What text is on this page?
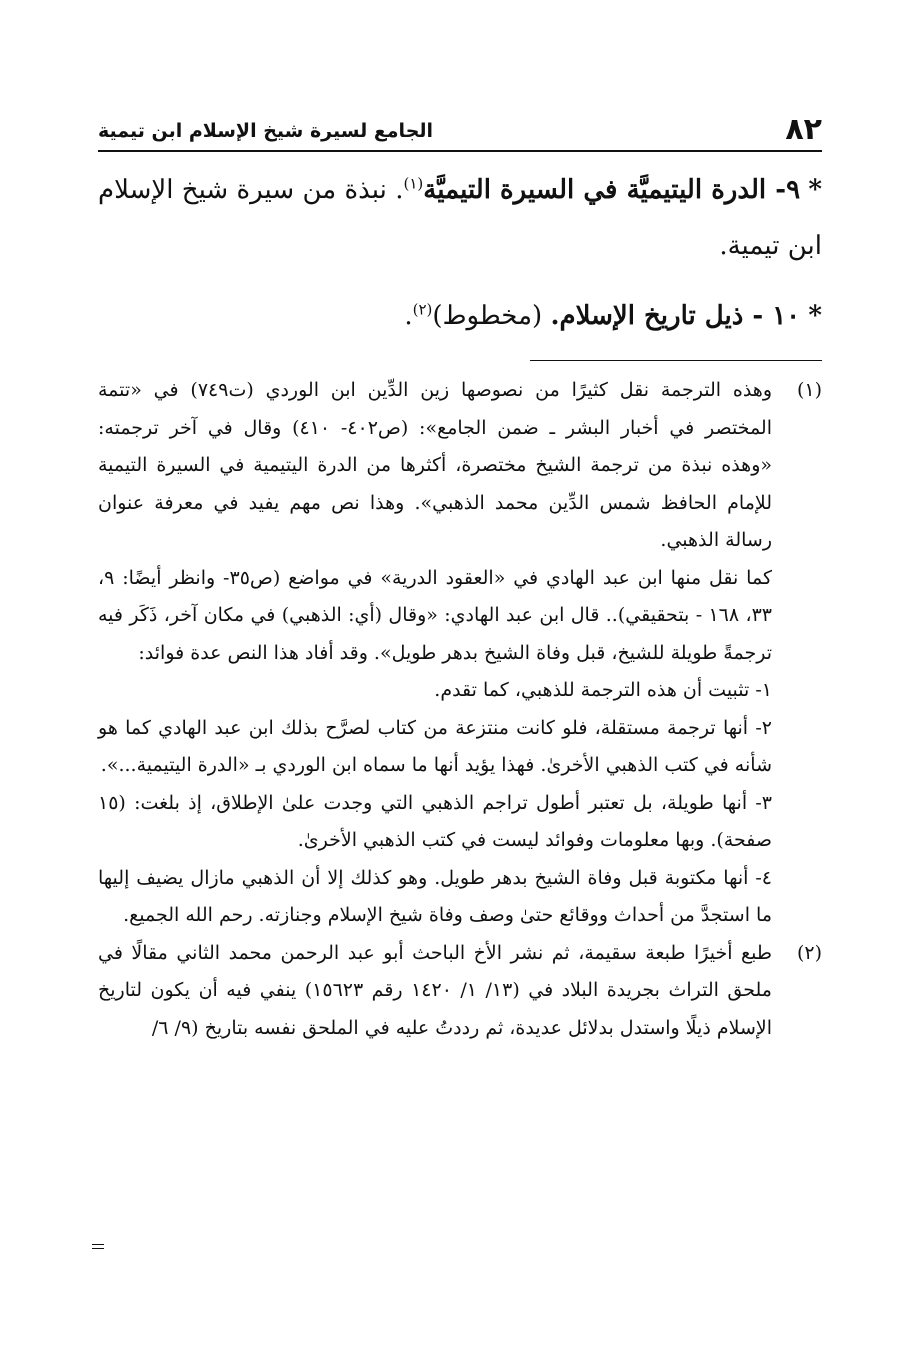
٨٢
الجامع لسيرة شيخ الإسلام ابن تيمية

* ٩- الدرة اليتيميَّة في السيرة التيميَّة$^{(١)}$. نبذة من سيرة شيخ الإسلام ابن تيمية.

* ١٠ - ذيل تاريخ الإسلام. (مخطوط)$^{(٢)}$.

(١)

وهذه الترجمة نقل كثيرًا من نصوصها زين الدِّين ابن الوردي (ت٧٤٩) في «تتمة المختصر في أخبار البشر ـ ضمن الجامع»: (ص٤٠٢- ٤١٠) وقال في آخر ترجمته: «وهذه نبذة من ترجمة الشيخ مختصرة، أكثرها من الدرة اليتيمية في السيرة التيمية للإمام الحافظ شمس الدِّين محمد الذهبي». وهذا نص مهم يفيد في معرفة عنوان رسالة الذهبي.

كما نقل منها ابن عبد الهادي في «العقود الدرية» في مواضع (ص٣٥- وانظر أيضًا: ٩، ٣٣، ١٦٨ - بتحقيقي).. قال ابن عبد الهادي: «وقال (أي: الذهبي) في مكان آخر، ذَكَر فيه ترجمةً طويلة للشيخ، قبل وفاة الشيخ بدهر طويل». وقد أفاد هذا النص عدة فوائد:

١- تثبيت أن هذه الترجمة للذهبي، كما تقدم.

٢- أنها ترجمة مستقلة، فلو كانت منتزعة من كتاب لصرَّح بذلك ابن عبد الهادي كما هو شأنه في كتب الذهبي الأخرىٰ. فهذا يؤيد أنها ما سماه ابن الوردي بـ «الدرة اليتيمية...».

٣- أنها طويلة، بل تعتبر أطول تراجم الذهبي التي وجدت علىٰ الإطلاق، إذ بلغت: (١٥ صفحة). وبها معلومات وفوائد ليست في كتب الذهبي الأخرىٰ.

٤- أنها مكتوبة قبل وفاة الشيخ بدهر طويل. وهو كذلك إلا أن الذهبي مازال يضيف إليها ما استجدَّ من أحداث ووقائع حتىٰ وصف وفاة شيخ الإسلام وجنازته. رحم الله الجميع.

(٢)

طبع أخيرًا طبعة سقيمة، ثم نشر الأخ الباحث أبو عبد الرحمن محمد الثاني مقالًا في ملحق التراث بجريدة البلاد في (١٣/ ١/ ١٤٢٠ رقم ١٥٦٢٣) ينفي فيه أن يكون لتاريخ الإسلام ذيلًا واستدل بدلائل عديدة، ثم رددتُ عليه في الملحق نفسه بتاريخ (٩/ ٦/
